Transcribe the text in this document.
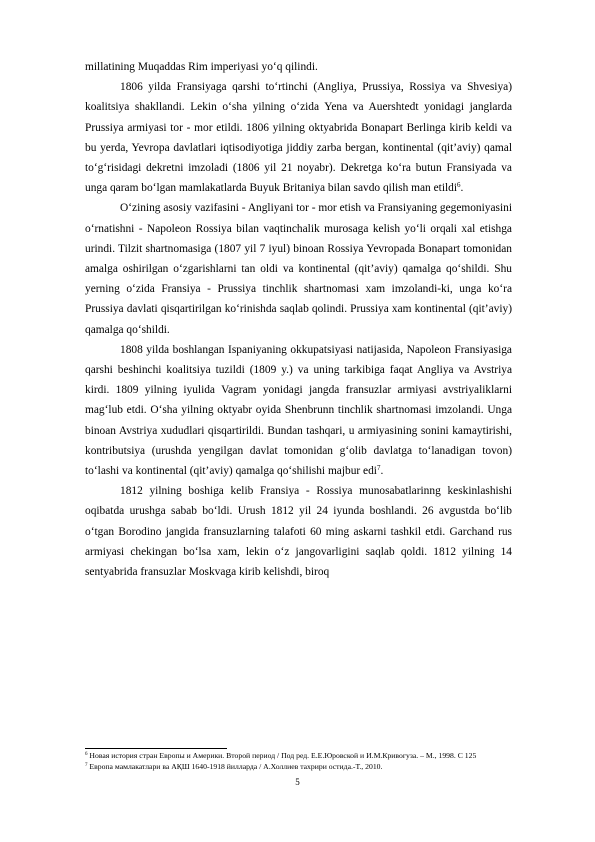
millatining Muqaddas Rim imperiyasi yo‘q qilindi.

1806 yilda Fransiyaga qarshi to‘rtinchi (Angliya, Prussiya, Rossiya va Shvesiya) koalitsiya shakllandi. Lekin o‘sha yilning o‘zida Yena va Auershtedt yonidagi janglarda Prussiya armiyasi tor - mor etildi. 1806 yilning oktyabrida Bonapart Berlinga kirib keldi va bu yerda, Yevropa davlatlari iqtisodiyotiga jiddiy zarba bergan, kontinental (qit’aviy) qamal to‘g‘risidagi dekretni imzoladi (1806 yil 21 noyabr). Dekretga ko‘ra butun Fransiyada va unga qaram bo‘lgan mamlakatlarda Buyuk Britaniya bilan savdo qilish man etildi$^6$.

O‘zining asosiy vazifasini - Angliyani tor - mor etish va Fransiyaning gegemoniyasini o‘rnatishni - Napoleon Rossiya bilan vaqtinchalik murosaga kelish yo‘li orqali xal etishga urindi. Tilzit shartnomasiga (1807 yil 7 iyul) binoan Rossiya Yevropada Bonapart tomonidan amalga oshirilgan o‘zgarishlarni tan oldi va kontinental (qit’aviy) qamalga qo‘shildi. Shu yerning o‘zida Fransiya - Prussiya tinchlik shartnomasi xam imzolandi-ki, unga ko‘ra Prussiya davlati qisqartirilgan ko‘rinishda saqlab qolindi. Prussiya xam kontinental (qit’aviy) qamalga qo‘shildi.

1808 yilda boshlangan Ispaniyaning okkupatsiyasi natijasida, Napoleon Fransiyasiga qarshi beshinchi koalitsiya tuzildi (1809 y.) va uning tarkibiga faqat Angliya va Avstriya kirdi. 1809 yilning iyulida Vagram yonidagi jangda fransuzlar armiyasi avstriyaliklarni mag‘lub etdi. O‘sha yilning oktyabr oyida Shenbrunn tinchlik shartnomasi imzolandi. Unga binoan Avstriya xududlari qisqartirildi. Bundan tashqari, u armiyasining sonini kamaytirishi, kontributsiya (urushda yengilgan davlat tomonidan g‘olib davlatga to‘lanadigan tovon) to‘lashi va kontinental (qit’aviy) qamalga qo‘shilishi majbur edi$^7$.

1812 yilning boshiga kelib Fransiya - Rossiya munosabatlarinng keskinlashishi oqibatda urushga sabab bo‘ldi. Urush 1812 yil 24 iyunda boshlandi. 26 avgustda bo‘lib o‘tgan Borodino jangida fransuzlarning talafoti 60 ming askarni tashkil etdi. Garchand rus armiyasi chekingan bo‘lsa xam, lekin o‘z jangovarligini saqlab qoldi. 1812 yilning 14 sentyabrida fransuzlar Moskvaga kirib kelishdi, biroq

$^6$ Новая история стран Европы и Америки. Второй период / Под ред. Е.Е.Юровской и И.М.Кривогуза. – М., 1998. C 125

$^7$ Европа мамлакатлари ва АҚШ 1640-1918 йилларда / А.Холлиев тахрири остида.-Т., 2010.

5
